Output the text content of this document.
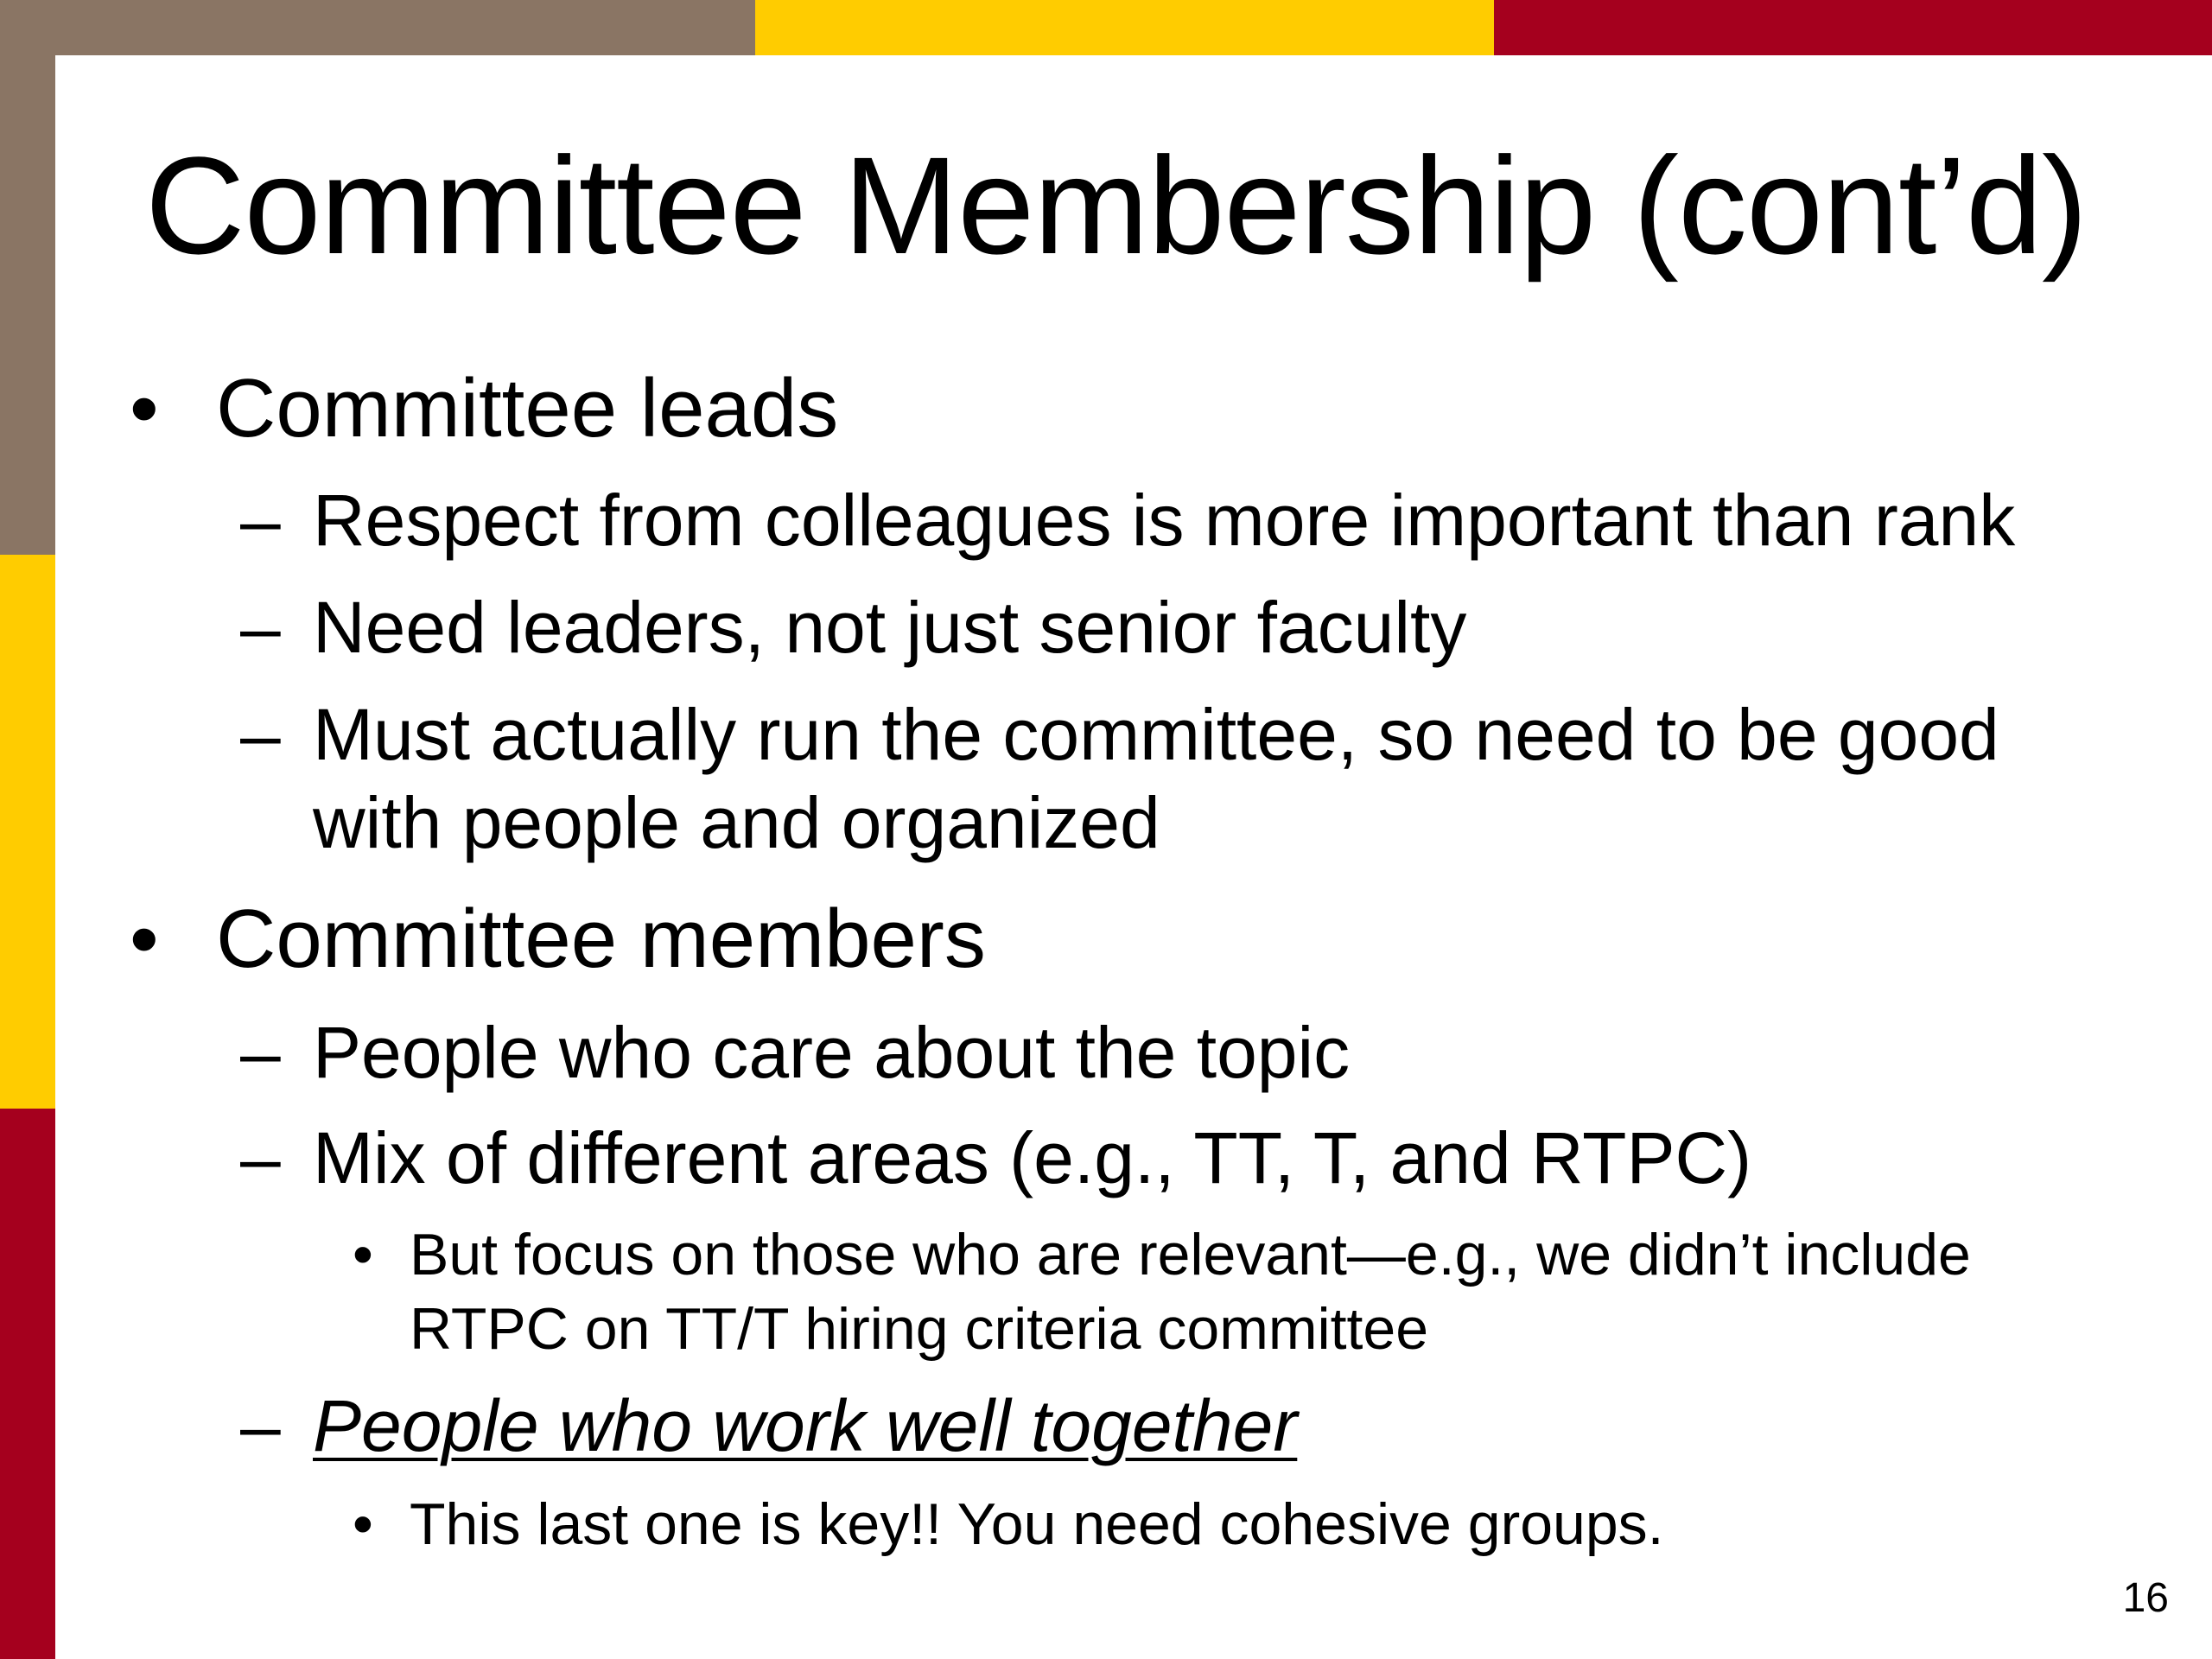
Committee Membership (cont’d)
• Committee leads
– Respect from colleagues is more important than rank
– Need leaders, not just senior faculty
– Must actually run the committee, so need to be good
with people and organized
• Committee members
– People who care about the topic
– Mix of different areas (e.g., TT, T, and RTPC)
• But focus on those who are relevant—e.g., we didn’t include
RTPC on TT/T hiring criteria committee
– People who work well together
• This last one is key!! You need cohesive groups.
16
